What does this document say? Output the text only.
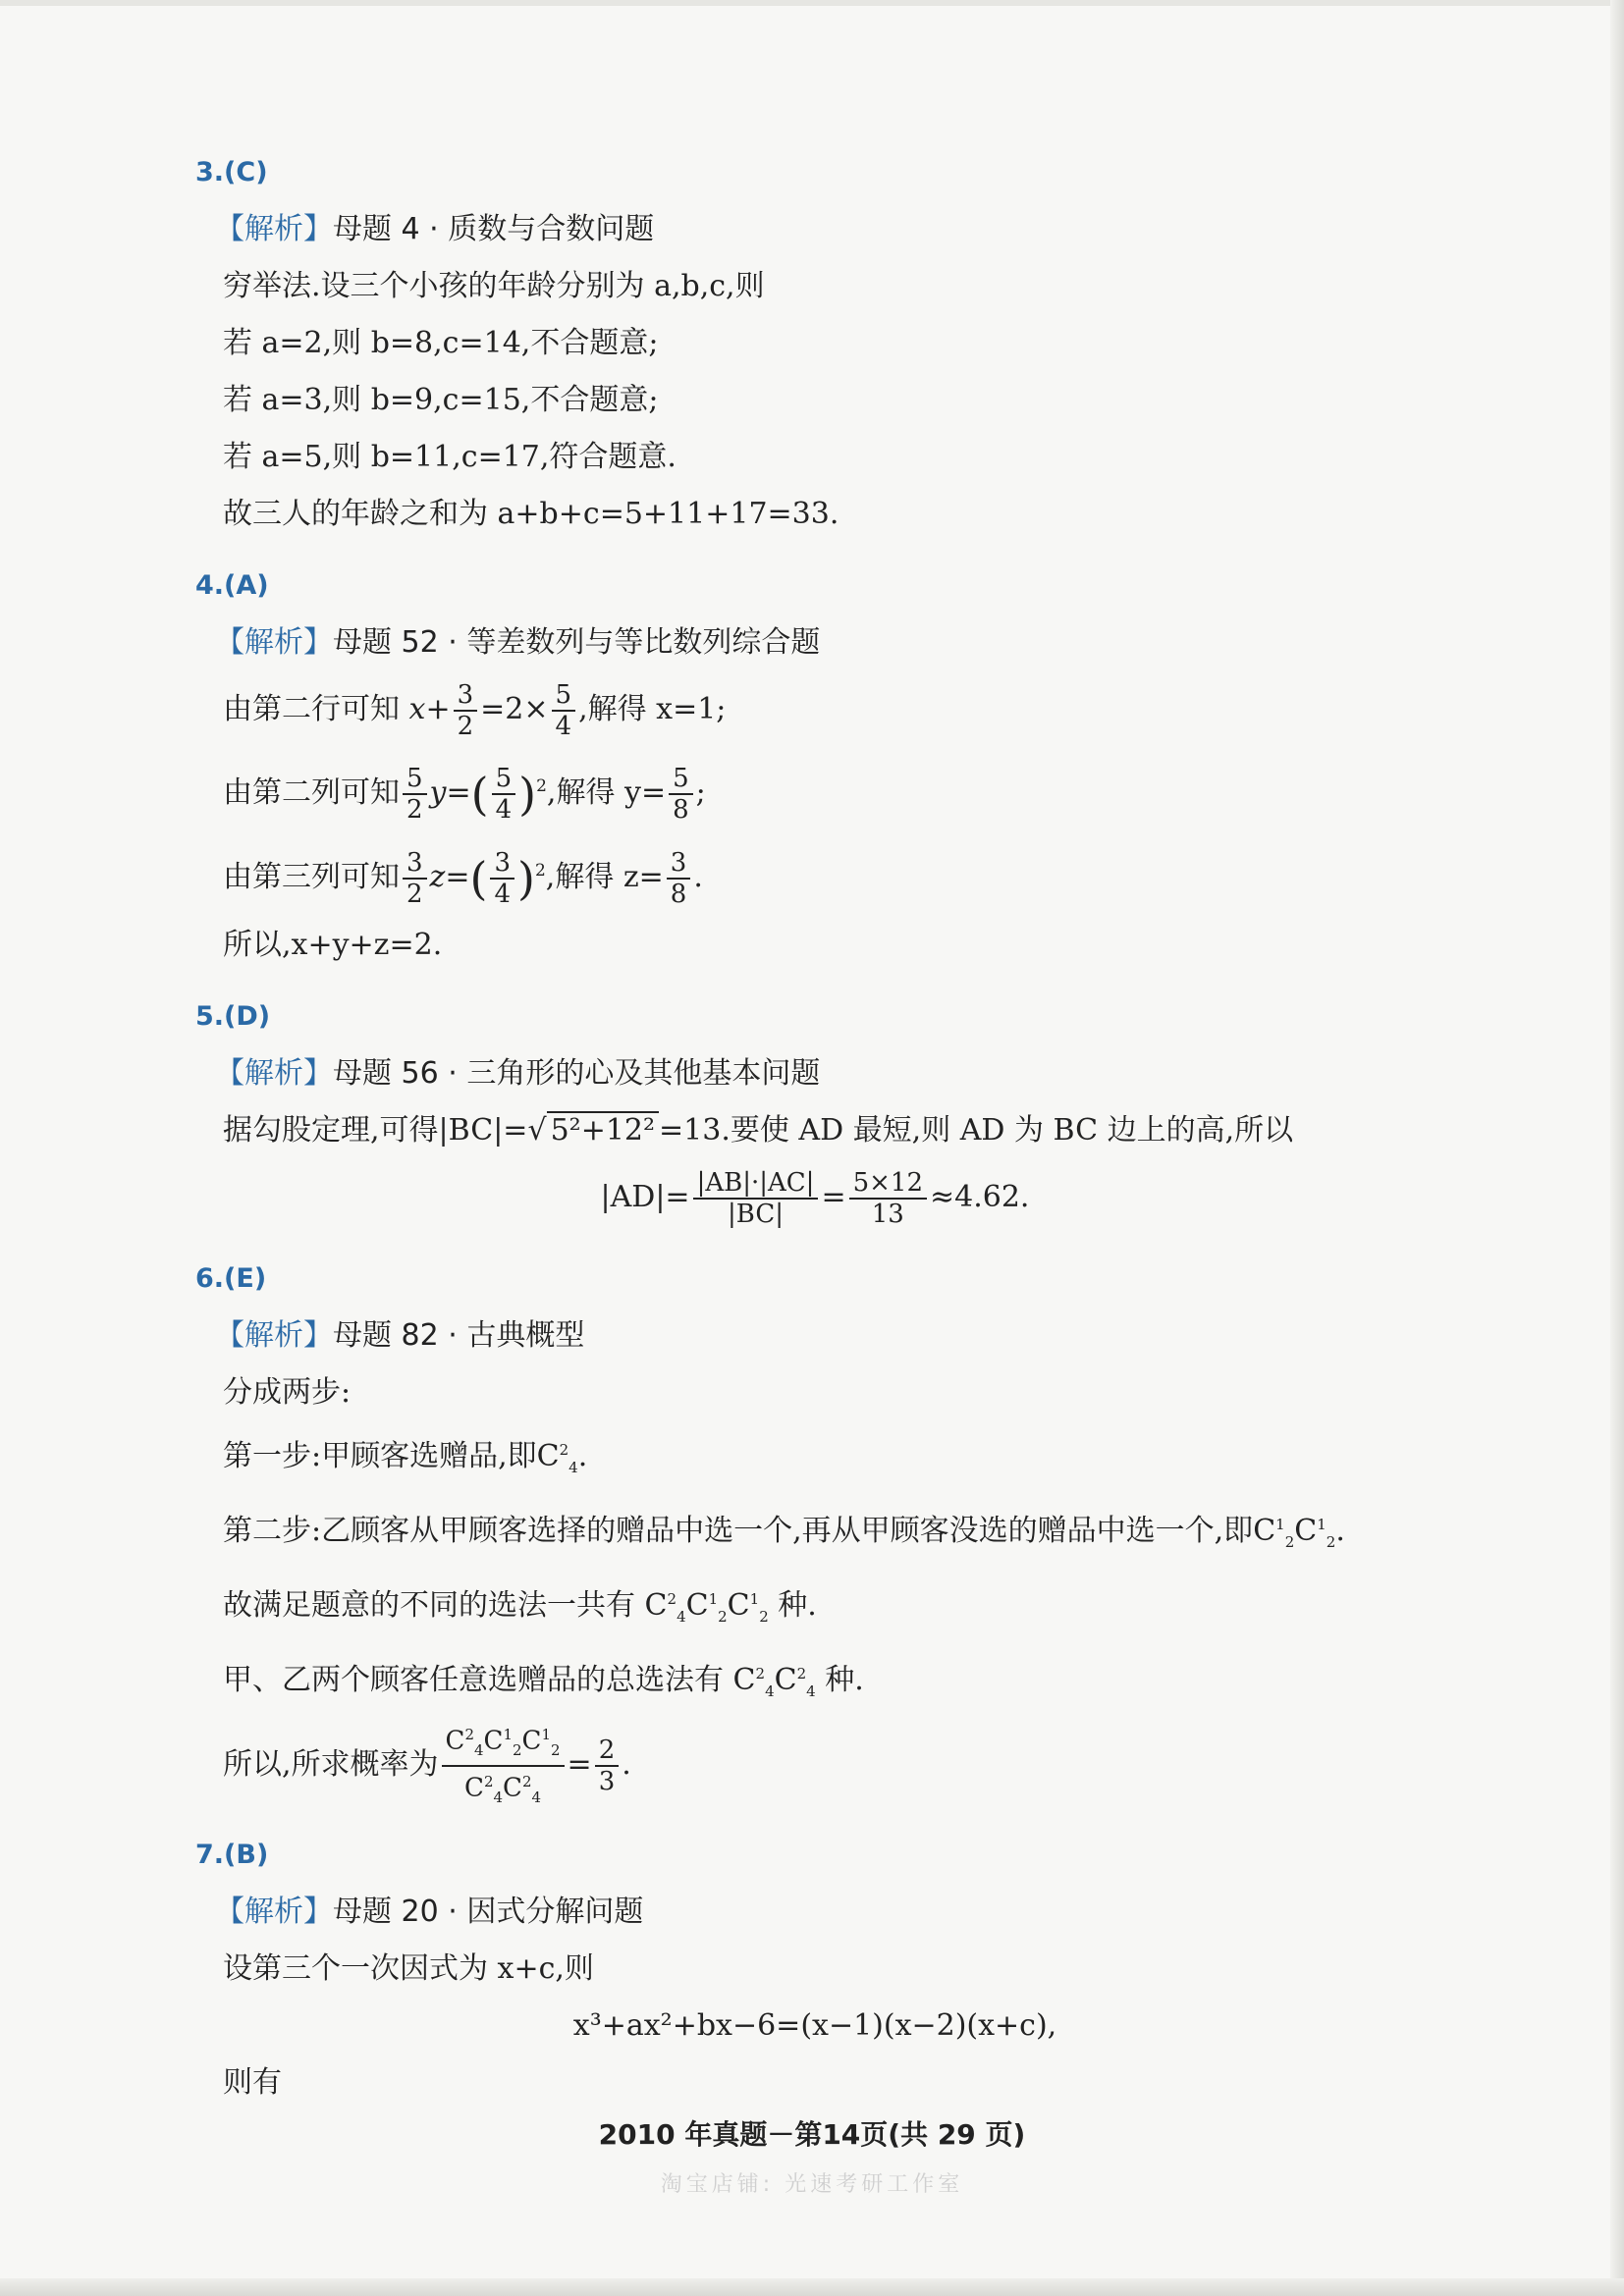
3.(C)
【解析】母题 4 · 质数与合数问题
穷举法.设三个小孩的年龄分别为 a,b,c,则
若 a=2,则 b=8,c=14,不合题意;
若 a=3,则 b=9,c=15,不合题意;
若 a=5,则 b=11,c=17,符合题意.
故三人的年龄之和为 a+b+c=5+11+17=33.
4.(A)
【解析】母题 52 · 等差数列与等比数列综合题
由第二行可知 $x+ \frac{3}{2} =2\times \frac{5}{4}$ ,解得 x=1;
由第二列可知 $\frac{5}{2} y=( \frac{5}{4} )^2$,解得 $y= \frac{5}{8}$ ;
由第三列可知 $\frac{3}{2} z=( \frac{3}{4} )^2$,解得 $z= \frac{3}{8}$ .
所以,x+y+z=2.
5.(D)
【解析】母题 56 · 三角形的心及其他基本问题
据勾股定理,可得|BC|=√ 5²+12² =13.要使 AD 最短,则 AD 为 BC 边上的高,所以
$|AD|= \frac{|AB|\cdot|AC|}{|BC|} = \frac{5\times 12}{13} \approx 4.62$.
6.(E)
【解析】母题 82 · 古典概型
分成两步:
第一步:甲顾客选赠品,即$C^2_4$.
第二步:乙顾客从甲顾客选择的赠品中选一个,再从甲顾客没选的赠品中选一个,即$C^1_2C^1_2$.
故满足题意的不同的选法一共有 $C^2_4C^1_2C^1_2$ 种.
甲、乙两个顾客任意选赠品的总选法有 $C^2_4C^2_4$ 种.
所以,所求概率为 $\frac{C^2_4C^1_2C^1_2}{C^2_4C^2_4} = \frac{2}{3}$ .
7.(B)
【解析】母题 20 · 因式分解问题
设第三个一次因式为 x+c,则
x³+ax²+bx−6=(x−1)(x−2)(x+c),
则有
2010 年真题－第14页(共 29 页)
淘宝店铺: 光速考研工作室
